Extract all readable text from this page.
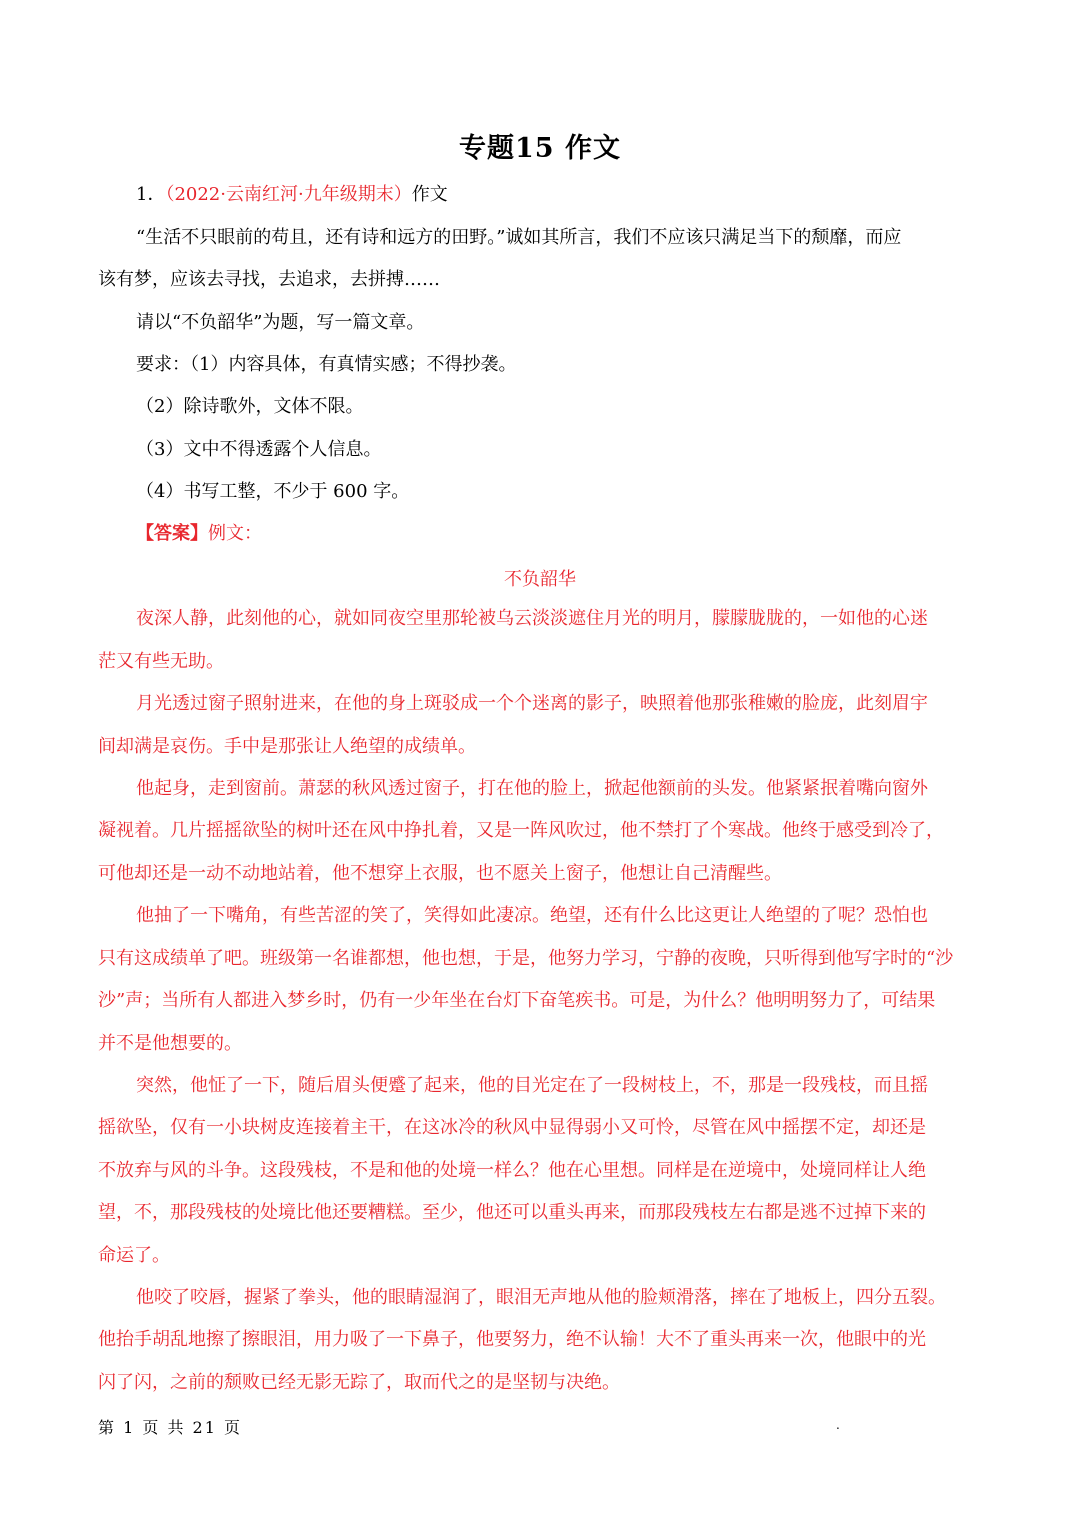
专题15 作文
1．（2022·云南红河·九年级期末）作文
“生活不只眼前的苟且，还有诗和远方的田野。”诚如其所言，我们不应该只满足当下的颓靡，而应
该有梦，应该去寻找，去追求，去拼搏……
请以“不负韶华”为题，写一篇文章。
要求：（1）内容具体，有真情实感；不得抄袭。
（2）除诗歌外，文体不限。
（3）文中不得透露个人信息。
（4）书写工整，不少于 600 字。
【答案】例文：
不负韶华
夜深人静，此刻他的心，就如同夜空里那轮被乌云淡淡遮住月光的明月，朦朦胧胧的，一如他的心迷
茫又有些无助。
月光透过窗子照射进来，在他的身上斑驳成一个个迷离的影子，映照着他那张稚嫩的脸庞，此刻眉宇
间却满是哀伤。手中是那张让人绝望的成绩单。
他起身，走到窗前。萧瑟的秋风透过窗子，打在他的脸上，掀起他额前的头发。他紧紧抿着嘴向窗外
凝视着。几片摇摇欲坠的树叶还在风中挣扎着，又是一阵风吹过，他不禁打了个寒战。他终于感受到冷了，
可他却还是一动不动地站着，他不想穿上衣服，也不愿关上窗子，他想让自己清醒些。
他抽了一下嘴角，有些苦涩的笑了，笑得如此凄凉。绝望，还有什么比这更让人绝望的了呢？恐怕也
只有这成绩单了吧。班级第一名谁都想，他也想，于是，他努力学习，宁静的夜晚，只听得到他写字时的“沙
沙”声；当所有人都进入梦乡时，仍有一少年坐在台灯下奋笔疾书。可是，为什么？他明明努力了，可结果
并不是他想要的。
突然，他怔了一下，随后眉头便蹙了起来，他的目光定在了一段树枝上，不，那是一段残枝，而且摇
摇欲坠，仅有一小块树皮连接着主干，在这冰冷的秋风中显得弱小又可怜，尽管在风中摇摆不定，却还是
不放弃与风的斗争。这段残枝，不是和他的处境一样么？他在心里想。同样是在逆境中，处境同样让人绝
望，不，那段残枝的处境比他还要糟糕。至少，他还可以重头再来，而那段残枝左右都是逃不过掉下来的
命运了。
他咬了咬唇，握紧了拳头，他的眼睛湿润了，眼泪无声地从他的脸颊滑落，摔在了地板上，四分五裂。
他抬手胡乱地擦了擦眼泪，用力吸了一下鼻子，他要努力，绝不认输！大不了重头再来一次，他眼中的光
闪了闪，之前的颓败已经无影无踪了，取而代之的是坚韧与决绝。
第 1 页 共 21 页	.
